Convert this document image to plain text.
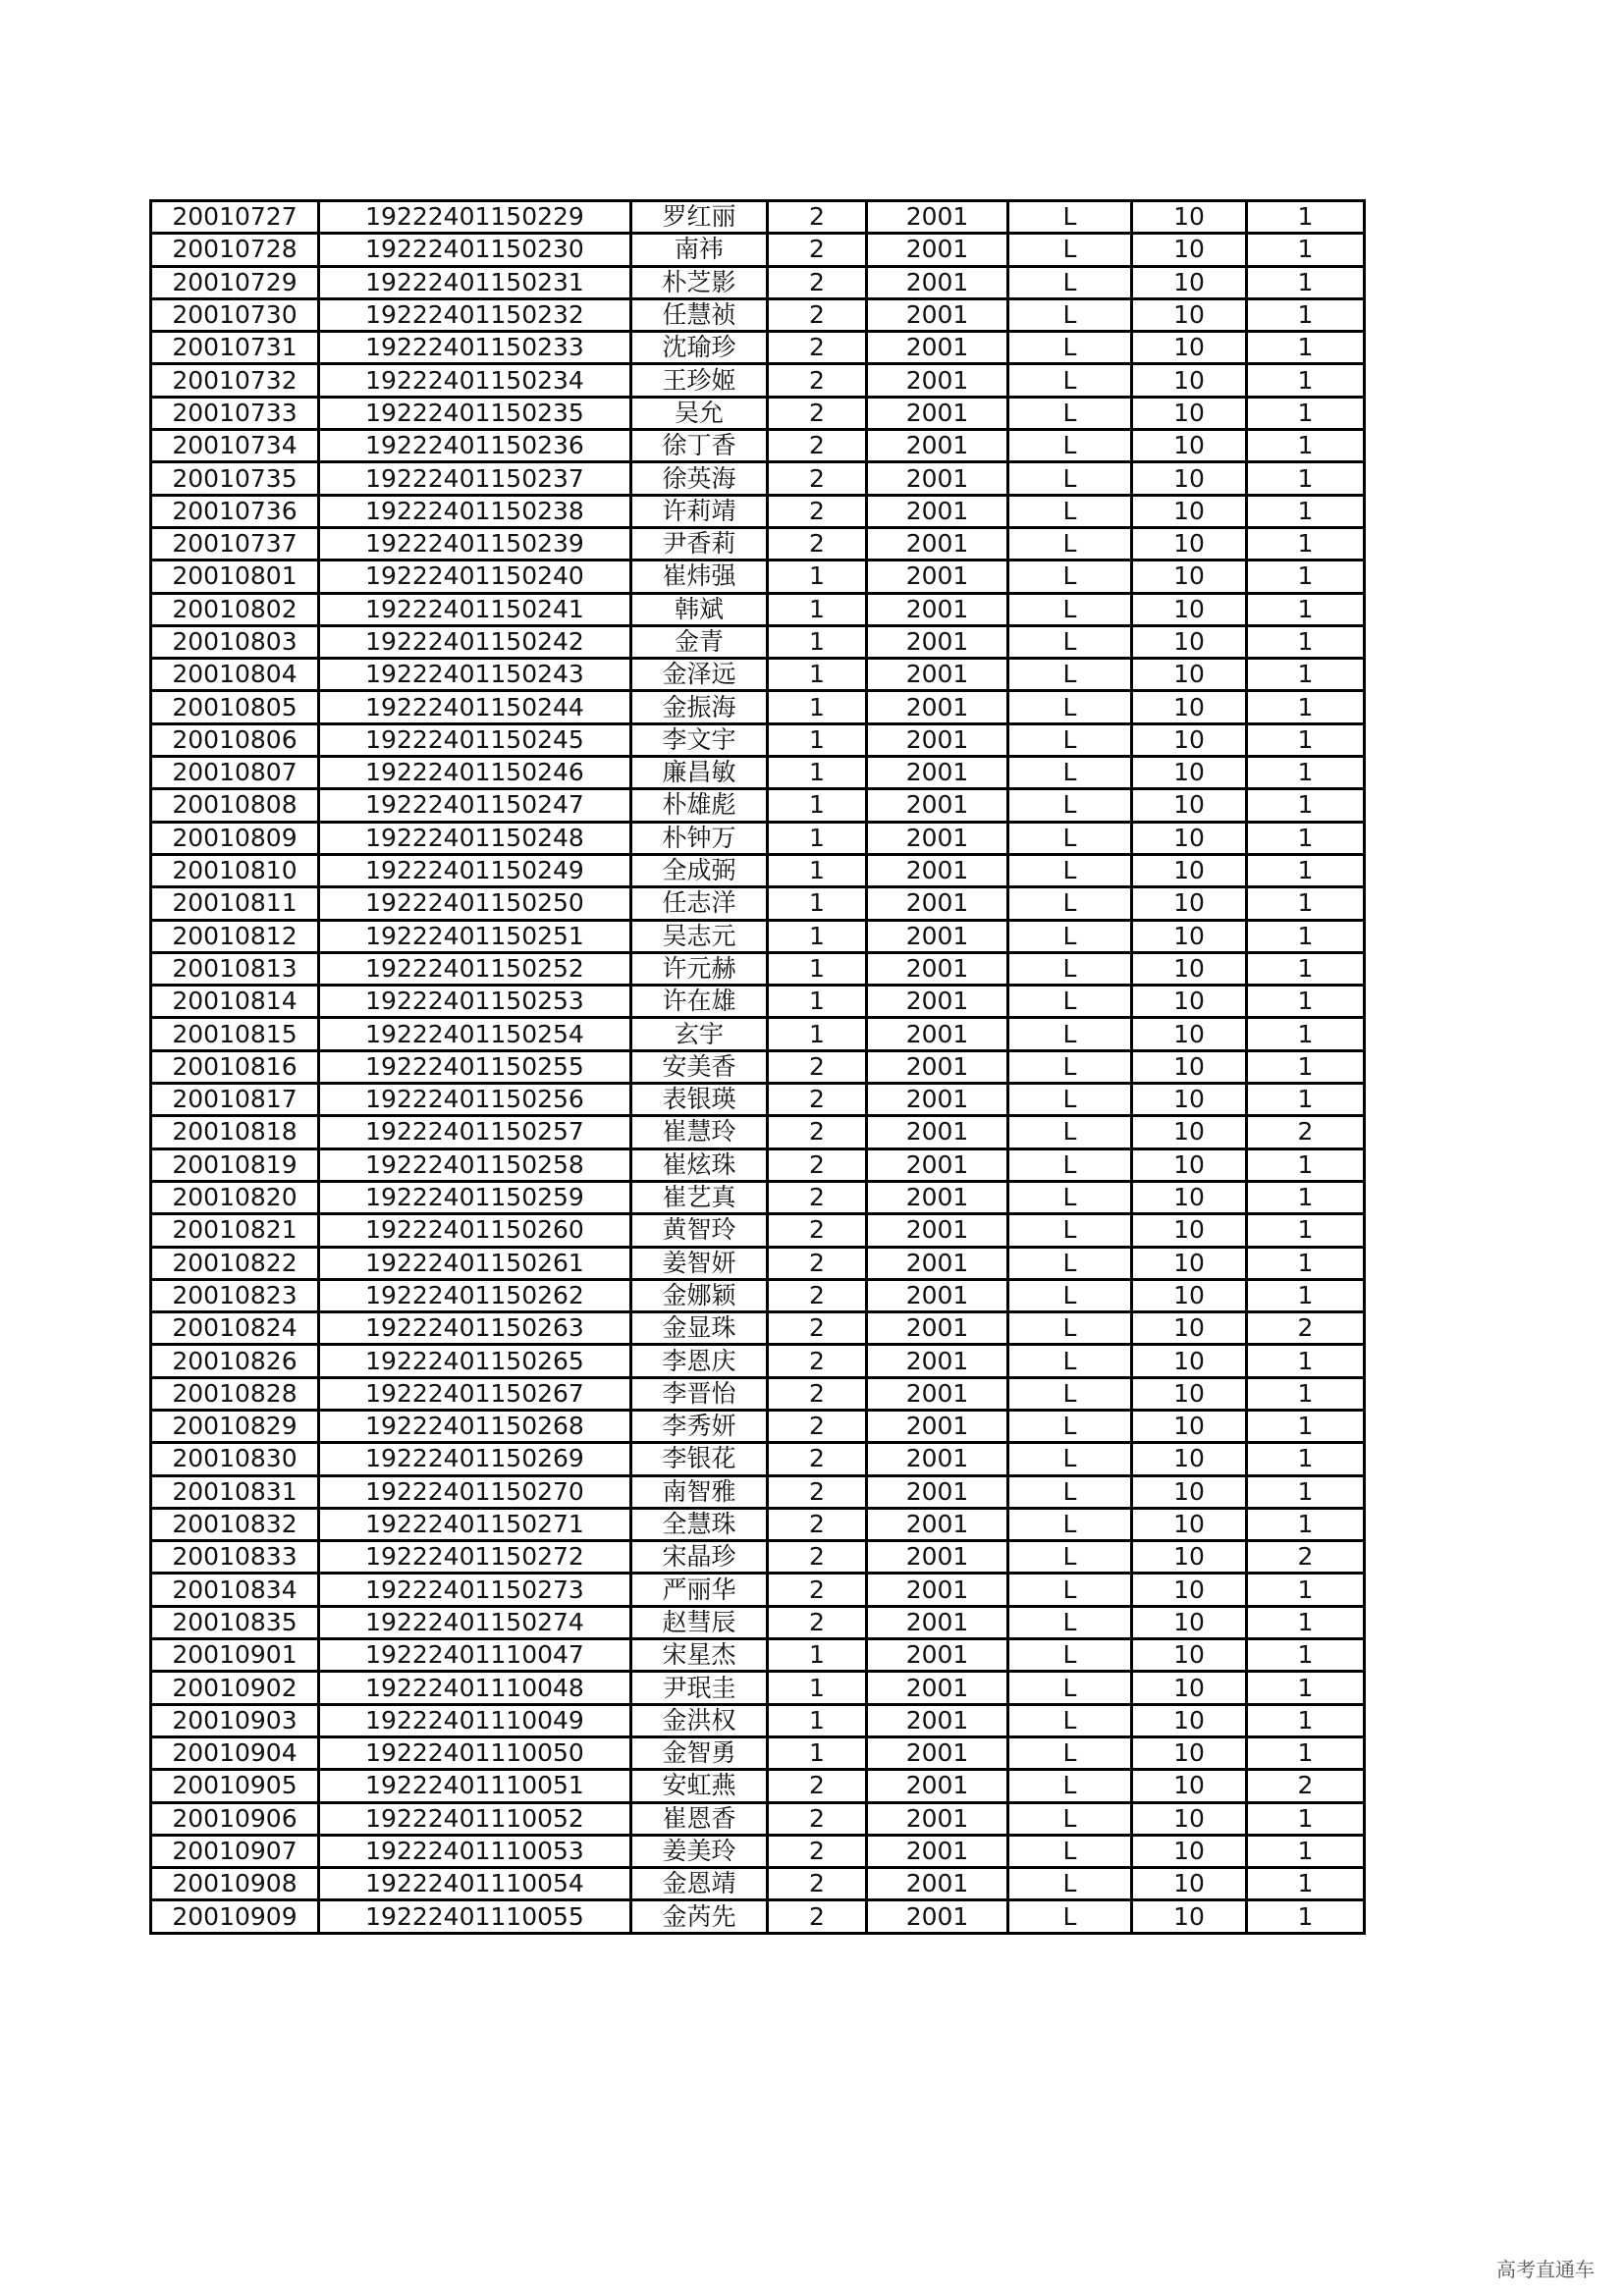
20010727	19222401150229	罗红丽	2	2001	L	10	1
20010728	19222401150230	南祎	2	2001	L	10	1
20010729	19222401150231	朴芝影	2	2001	L	10	1
20010730	19222401150232	任慧祯	2	2001	L	10	1
20010731	19222401150233	沈瑜珍	2	2001	L	10	1
20010732	19222401150234	王珍姬	2	2001	L	10	1
20010733	19222401150235	吴允	2	2001	L	10	1
20010734	19222401150236	徐丁香	2	2001	L	10	1
20010735	19222401150237	徐英海	2	2001	L	10	1
20010736	19222401150238	许莉靖	2	2001	L	10	1
20010737	19222401150239	尹香莉	2	2001	L	10	1
20010801	19222401150240	崔炜强	1	2001	L	10	1
20010802	19222401150241	韩斌	1	2001	L	10	1
20010803	19222401150242	金青	1	2001	L	10	1
20010804	19222401150243	金泽远	1	2001	L	10	1
20010805	19222401150244	金振海	1	2001	L	10	1
20010806	19222401150245	李文宇	1	2001	L	10	1
20010807	19222401150246	廉昌敏	1	2001	L	10	1
20010808	19222401150247	朴雄彪	1	2001	L	10	1
20010809	19222401150248	朴钟万	1	2001	L	10	1
20010810	19222401150249	全成弼	1	2001	L	10	1
20010811	19222401150250	任志洋	1	2001	L	10	1
20010812	19222401150251	吴志元	1	2001	L	10	1
20010813	19222401150252	许元赫	1	2001	L	10	1
20010814	19222401150253	许在雄	1	2001	L	10	1
20010815	19222401150254	玄宇	1	2001	L	10	1
20010816	19222401150255	安美香	2	2001	L	10	1
20010817	19222401150256	表银瑛	2	2001	L	10	1
20010818	19222401150257	崔慧玲	2	2001	L	10	2
20010819	19222401150258	崔炫珠	2	2001	L	10	1
20010820	19222401150259	崔艺真	2	2001	L	10	1
20010821	19222401150260	黄智玲	2	2001	L	10	1
20010822	19222401150261	姜智妍	2	2001	L	10	1
20010823	19222401150262	金娜颖	2	2001	L	10	1
20010824	19222401150263	金显珠	2	2001	L	10	2
20010826	19222401150265	李恩庆	2	2001	L	10	1
20010828	19222401150267	李晋怡	2	2001	L	10	1
20010829	19222401150268	李秀妍	2	2001	L	10	1
20010830	19222401150269	李银花	2	2001	L	10	1
20010831	19222401150270	南智雅	2	2001	L	10	1
20010832	19222401150271	全慧珠	2	2001	L	10	1
20010833	19222401150272	宋晶珍	2	2001	L	10	2
20010834	19222401150273	严丽华	2	2001	L	10	1
20010835	19222401150274	赵彗辰	2	2001	L	10	1
20010901	19222401110047	宋星杰	1	2001	L	10	1
20010902	19222401110048	尹珉圭	1	2001	L	10	1
20010903	19222401110049	金洪权	1	2001	L	10	1
20010904	19222401110050	金智勇	1	2001	L	10	1
20010905	19222401110051	安虹燕	2	2001	L	10	2
20010906	19222401110052	崔恩香	2	2001	L	10	1
20010907	19222401110053	姜美玲	2	2001	L	10	1
20010908	19222401110054	金恩靖	2	2001	L	10	1
20010909	19222401110055	金芮先	2	2001	L	10	1
高考直通车
